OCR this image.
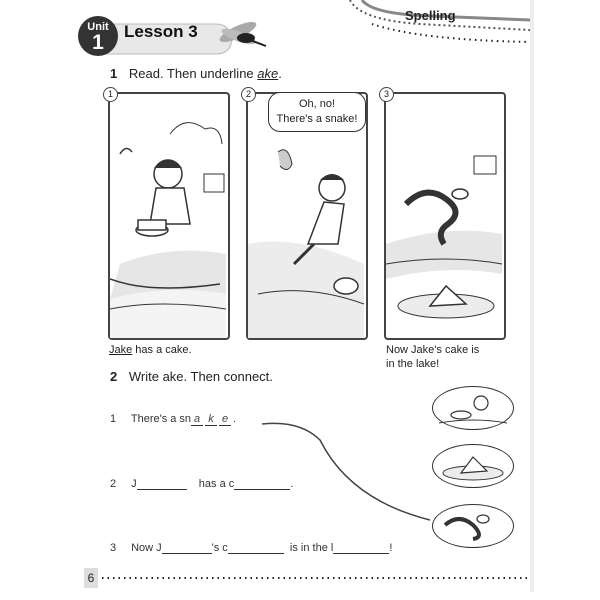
Unit
1	Lesson 3
Spelling
1 Read. Then underline ake.
1	2
Oh, no!
There's a snake!
3
Jake has a cake.	Now Jake's cake is
in the lake!
2 Write ake. Then connect.
1 There's a sn a k e .
2 J	has a c	.
3 Now J	's c	is in the l	!
6
